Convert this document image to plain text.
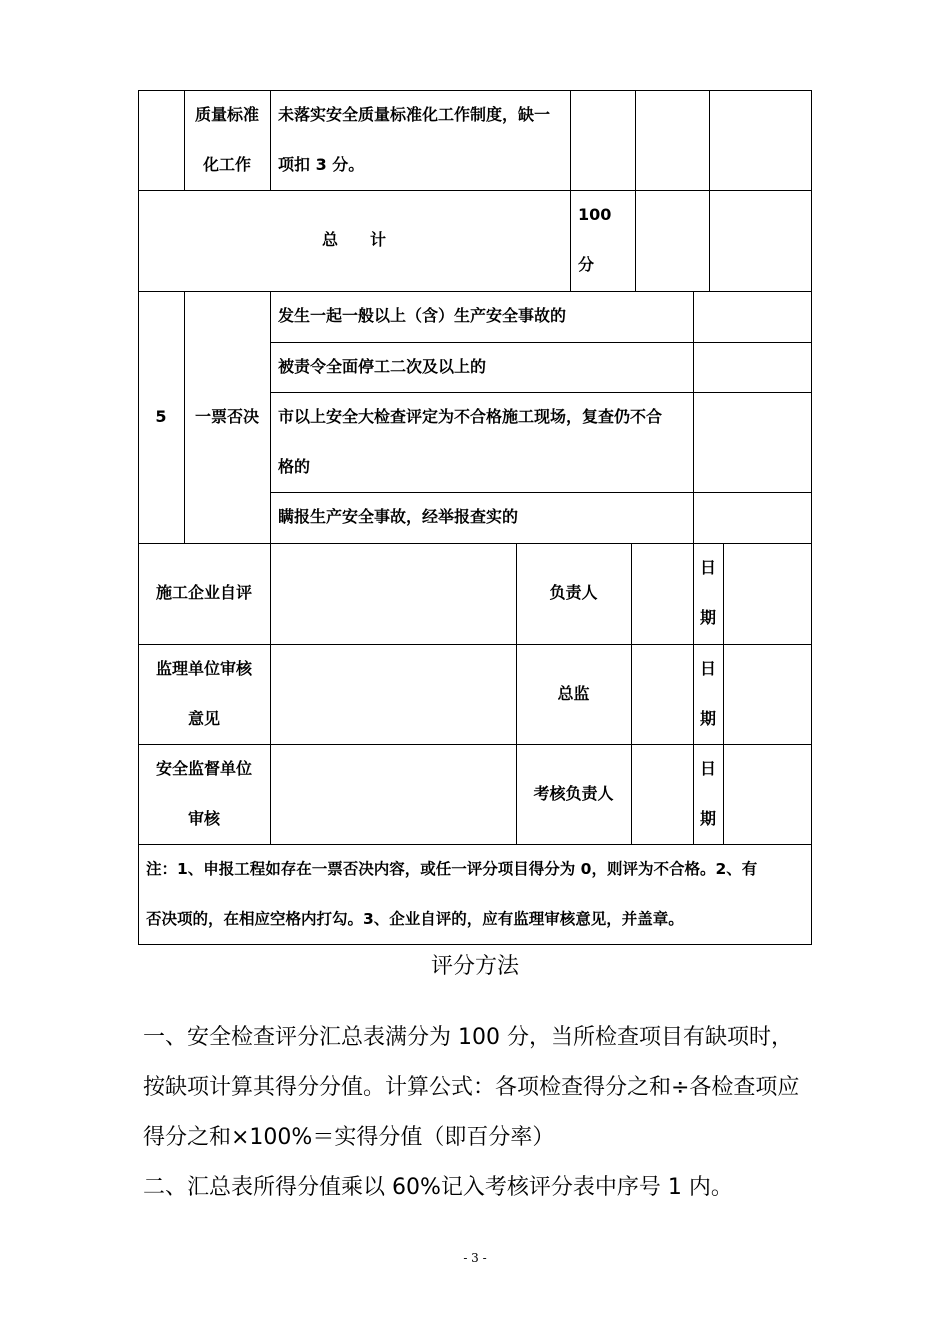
质量标准
化工作
未落实安全质量标准化工作制度，缺一
项扣 3 分。
总　　计
100
分
5	一票否决
发生一起一般以上（含）生产安全事故的
被责令全面停工二次及以上的
市以上安全大检查评定为不合格施工现场，复查仍不合
格的
瞒报生产安全事故，经举报查实的
施工企业自评	负责人
日
期
监理单位审核
意见
总监
日
期
安全监督单位
审核
考核负责人
日
期
注：1、申报工程如存在一票否决内容，或任一评分项目得分为 0，则评为不合格。2、有
否决项的，在相应空格内打勾。3、企业自评的，应有监理审核意见，并盖章。
评分方法
一、安全检查评分汇总表满分为 100 分，当所检查项目有缺项时，
按缺项计算其得分分值。计算公式：各项检查得分之和÷各检查项应
得分之和×100%＝实得分值（即百分率）
二、汇总表所得分值乘以 60%记入考核评分表中序号 1 内。
- 3 -
